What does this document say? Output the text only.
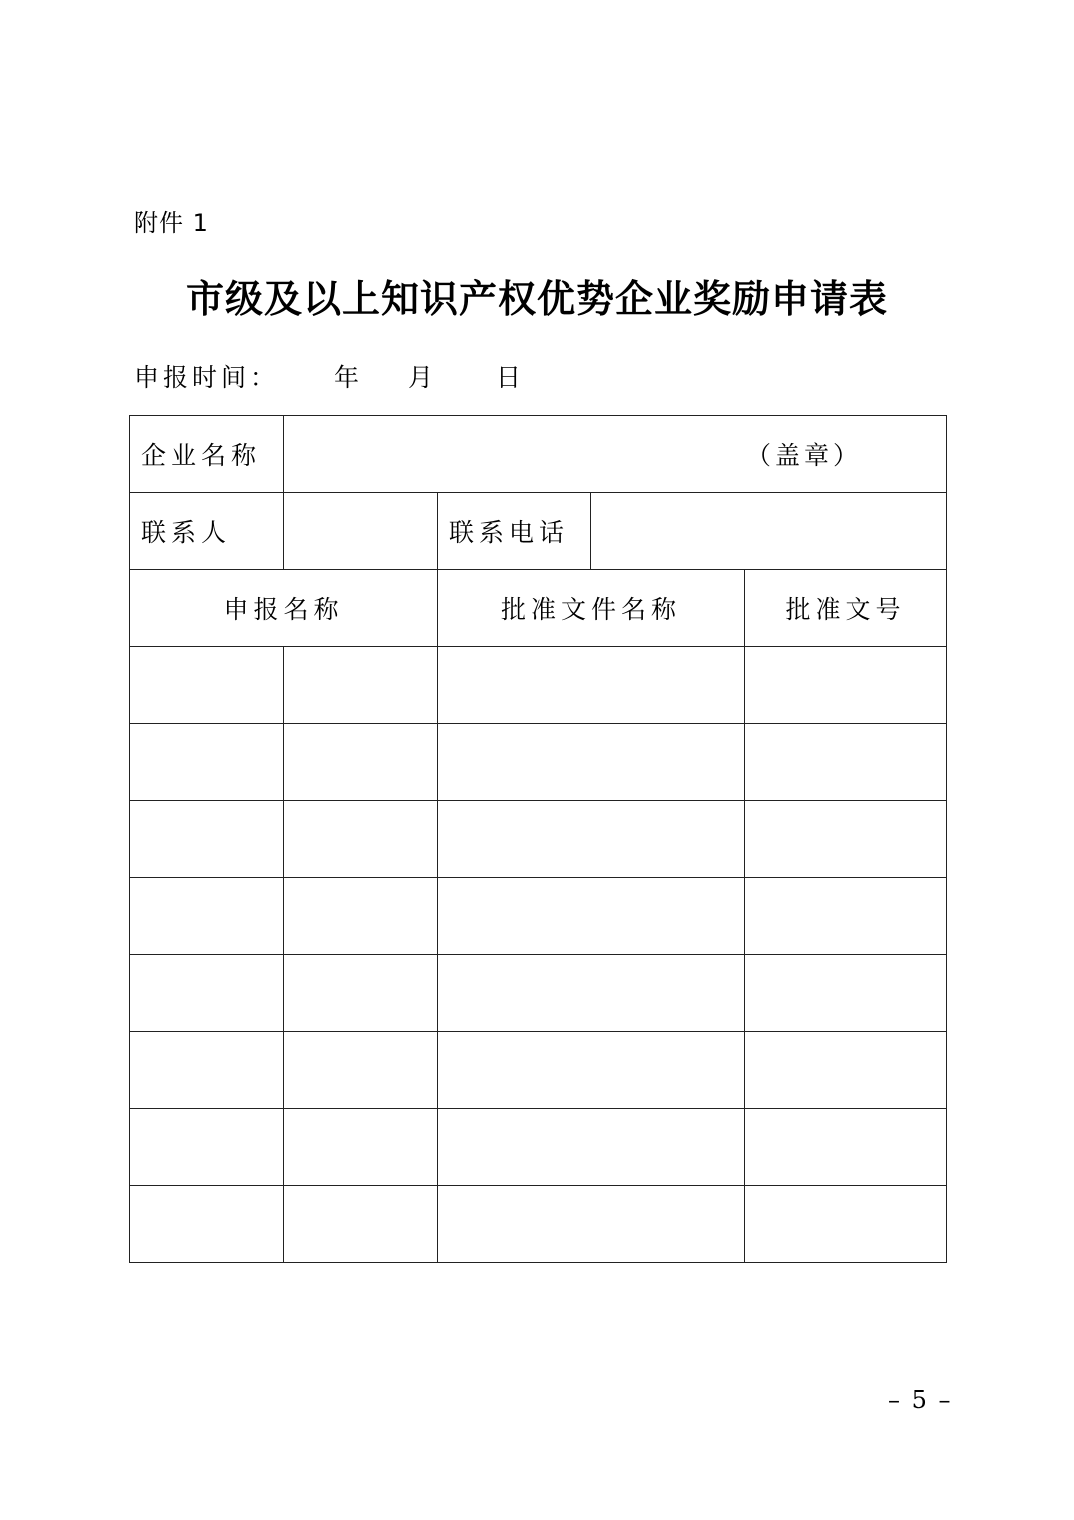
附件 1
市级及以上知识产权优势企业奖励申请表
申报时间： 年 月	日
企业名称	（盖章）			

联系人		联系电话		
申报名称		批准文件名称		批准文号

– 5 –
